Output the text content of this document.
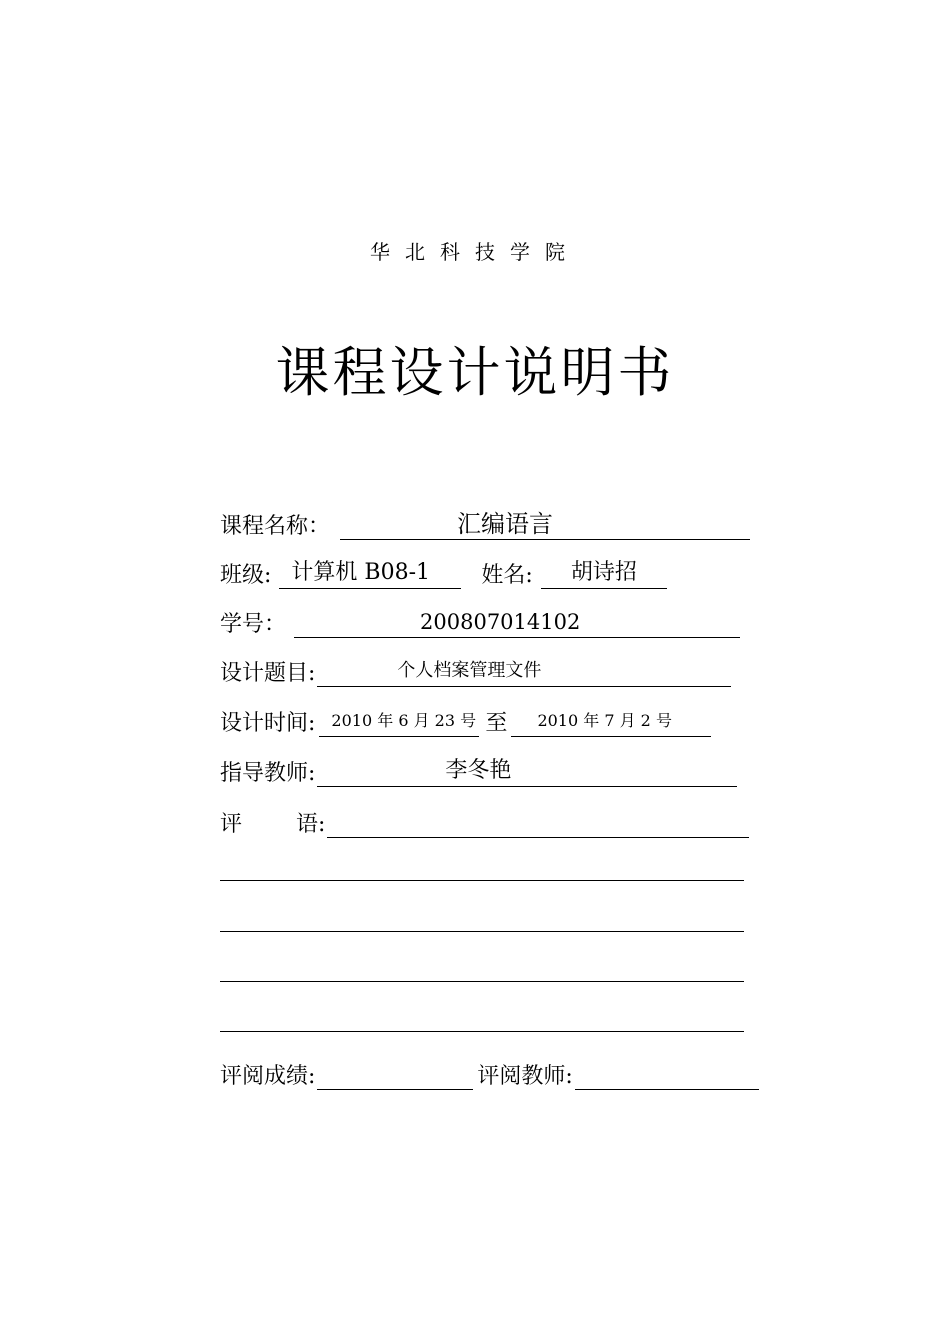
华北科技学院
课程设计说明书
课程名称：	汇编语言
班级: 计算机 B08-1	姓名:	胡诗招
学号：	200807014102
设计题目:	个人档案管理文件
设计时间:	2010 年 6 月 23 号 至	2010 年 7 月 2 号
指导教师:	李冬艳
评 语:
评阅成绩:	评阅教师:
